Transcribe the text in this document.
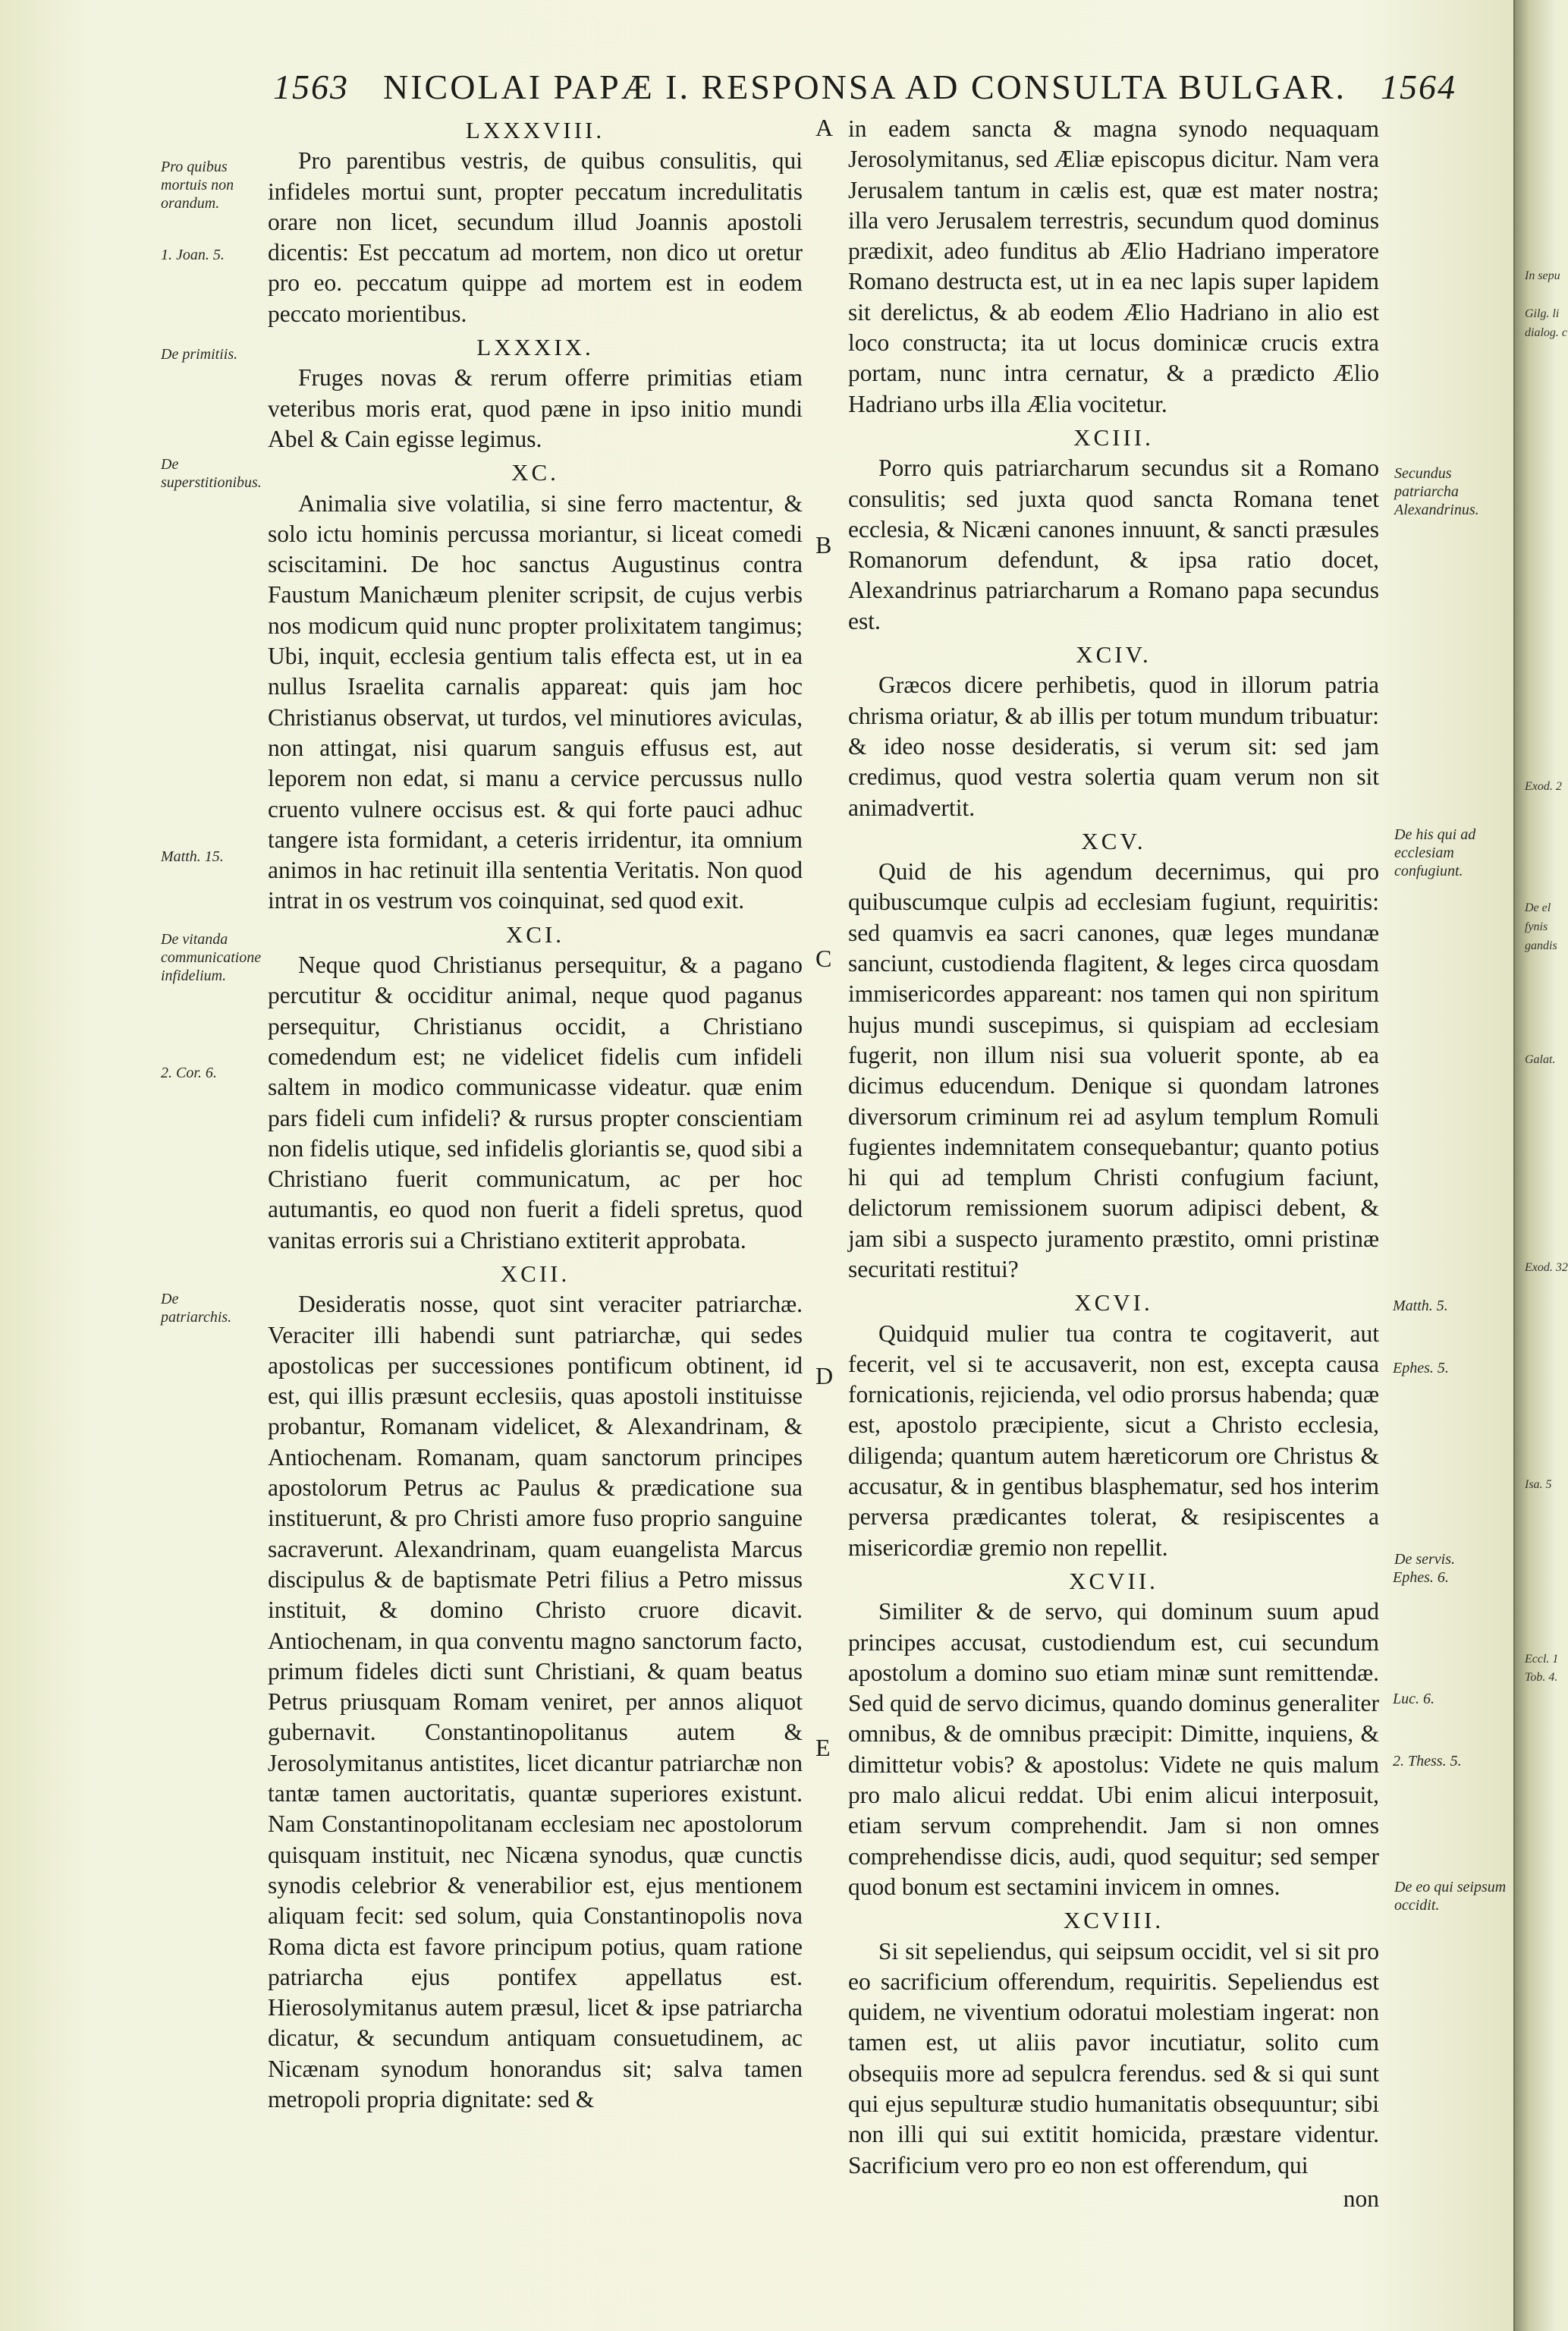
1563 NICOLAI PAPÆ I. RESPONSA AD CONSULTA BULGAR. 1564
Pro quibus mortuis non orandum.
1. Joan. 5.
De primitiis.
De superstitionibus.
Matth. 15.
De vitanda communicatione infidelium.
2. Cor. 6.
De patriarchis.
A
B
C
D
E
LXXXVIII.

Pro parentibus vestris, de quibus consulitis, qui infideles mortui sunt, propter peccatum incredulitatis orare non licet, secundum illud Joannis apostoli dicentis: Est peccatum ad mortem, non dico ut oretur pro eo. peccatum quippe ad mortem est in eodem peccato morientibus.

LXXXIX.

Fruges novas & rerum offerre primitias etiam veteribus moris erat, quod pæne in ipso initio mundi Abel & Cain egisse legimus.

XC.

Animalia sive volatilia, si sine ferro mactentur, & solo ictu hominis percussa moriantur, si liceat comedi sciscitamini. De hoc sanctus Augustinus contra Faustum Manichæum pleniter scripsit, de cujus verbis nos modicum quid nunc propter prolixitatem tangimus; Ubi, inquit, ecclesia gentium talis effecta est, ut in ea nullus Israelita carnalis appareat: quis jam hoc Christianus observat, ut turdos, vel minutiores aviculas, non attingat, nisi quarum sanguis effusus est, aut leporem non edat, si manu a cervice percussus nullo cruento vulnere occisus est. & qui forte pauci adhuc tangere ista formidant, a ceteris irridentur, ita omnium animos in hac retinuit illa sententia Veritatis. Non quod intrat in os vestrum vos coinquinat, sed quod exit.

XCI.

Neque quod Christianus persequitur, & a pagano percutitur & occiditur animal, neque quod paganus persequitur, Christianus occidit, a Christiano comedendum est; ne videlicet fidelis cum infideli saltem in modico communicasse videatur. quæ enim pars fideli cum infideli? & rursus propter conscientiam non fidelis utique, sed infidelis gloriantis se, quod sibi a Christiano fuerit communicatum, ac per hoc autumantis, eo quod non fuerit a fideli spretus, quod vanitas erroris sui a Christiano extiterit approbata.

XCII.

Desideratis nosse, quot sint veraciter patriarchæ. Veraciter illi habendi sunt patriarchæ, qui sedes apostolicas per successiones pontificum obtinent, id est, qui illis præsunt ecclesiis, quas apostoli instituisse probantur, Romanam videlicet, & Alexandrinam, & Antiochenam. Romanam, quam sanctorum principes apostolorum Petrus ac Paulus & prædicatione sua instituerunt, & pro Christi amore fuso proprio sanguine sacraverunt. Alexandrinam, quam euangelista Marcus discipulus & de baptismate Petri filius a Petro missus instituit, & domino Christo cruore dicavit. Antiochenam, in qua conventu magno sanctorum facto, primum fideles dicti sunt Christiani, & quam beatus Petrus priusquam Romam veniret, per annos aliquot gubernavit. Constantinopolitanus autem & Jerosolymitanus antistites, licet dicantur patriarchæ non tantæ tamen auctoritatis, quantæ superiores existunt. Nam Constantinopolitanam ecclesiam nec apostolorum quisquam instituit, nec Nicæna synodus, quæ cunctis synodis celebrior & venerabilior est, ejus mentionem aliquam fecit: sed solum, quia Constantinopolis nova Roma dicta est favore principum potius, quam ratione patriarcha ejus pontifex appellatus est. Hierosolymitanus autem præsul, licet & ipse patriarcha dicatur, & secundum antiquam consuetudinem, ac Nicænam synodum honorandus sit; salva tamen metropoli propria dignitate: sed &

in eadem sancta & magna synodo nequaquam Jerosolymitanus, sed Æliæ episcopus dicitur. Nam vera Jerusalem tantum in cælis est, quæ est mater nostra; illa vero Jerusalem terrestris, secundum quod dominus prædixit, adeo funditus ab Ælio Hadriano imperatore Romano destructa est, ut in ea nec lapis super lapidem sit derelictus, & ab eodem Ælio Hadriano in alio est loco constructa; ita ut locus dominicæ crucis extra portam, nunc intra cernatur, & a prædicto Ælio Hadriano urbs illa Ælia vocitetur.

XCIII.

Porro quis patriarcharum secundus sit a Romano consulitis; sed juxta quod sancta Romana tenet ecclesia, & Nicæni canones innuunt, & sancti præsules Romanorum defendunt, & ipsa ratio docet, Alexandrinus patriarcharum a Romano papa secundus est.

XCIV.

Græcos dicere perhibetis, quod in illorum patria chrisma oriatur, & ab illis per totum mundum tribuatur: & ideo nosse desideratis, si verum sit: sed jam credimus, quod vestra solertia quam verum non sit animadvertit.

XCV.

Quid de his agendum decernimus, qui pro quibuscumque culpis ad ecclesiam fugiunt, requiritis: sed quamvis ea sacri canones, quæ leges mundanæ sanciunt, custodienda flagitent, & leges circa quosdam immisericordes appareant: nos tamen qui non spiritum hujus mundi suscepimus, si quispiam ad ecclesiam fugerit, non illum nisi sua voluerit sponte, ab ea dicimus educendum. Denique si quondam latrones diversorum criminum rei ad asylum templum Romuli fugientes indemnitatem consequebantur; quanto potius hi qui ad templum Christi confugium faciunt, delictorum remissionem suorum adipisci debent, & jam sibi a suspecto juramento præstito, omni pristinæ securitati restitui?

XCVI.

Quidquid mulier tua contra te cogitaverit, aut fecerit, vel si te accusaverit, non est, excepta causa fornicationis, rejicienda, vel odio prorsus habenda; quæ est, apostolo præcipiente, sicut a Christo ecclesia, diligenda; quantum autem hæreticorum ore Christus & accusatur, & in gentibus blasphematur, sed hos interim perversa prædicantes tolerat, & resipiscentes a misericordiæ gremio non repellit.

XCVII.

Similiter & de servo, qui dominum suum apud principes accusat, custodiendum est, cui secundum apostolum a domino suo etiam minæ sunt remittendæ. Sed quid de servo dicimus, quando dominus generaliter omnibus, & de omnibus præcipit: Dimitte, inquiens, & dimittetur vobis? & apostolus: Videte ne quis malum pro malo alicui reddat. Ubi enim alicui interposuit, etiam servum comprehendit. Jam si non omnes comprehendisse dicis, audi, quod sequitur; sed semper quod bonum est sectamini invicem in omnes.

XCVIII.

Si sit sepeliendus, qui seipsum occidit, vel si sit pro eo sacrificium offerendum, requiritis. Sepeliendus est quidem, ne viventium odoratui molestiam ingerat: non tamen est, ut aliis pavor incutiatur, solito cum obsequiis more ad sepulcra ferendus. sed & si qui sunt qui ejus sepulturæ studio humanitatis obsequuntur; sibi non illi qui sui extitit homicida, præstare videntur. Sacrificium vero pro eo non est offerendum, qui

non

Secundus patriarcha Alexandrinus.
De his qui ad ecclesiam confugiunt.
Matth. 5.
Ephes. 5.
De servis.
Ephes. 6.
Luc. 6.
2. Thess. 5.
De eo qui seipsum occidit.
In sepu
Gilg. li
dialog. c
Exod. 2
De el
fynis
gandis
Galat.
Exod. 32
Isa. 5
Eccl. 1
Tob. 4.
